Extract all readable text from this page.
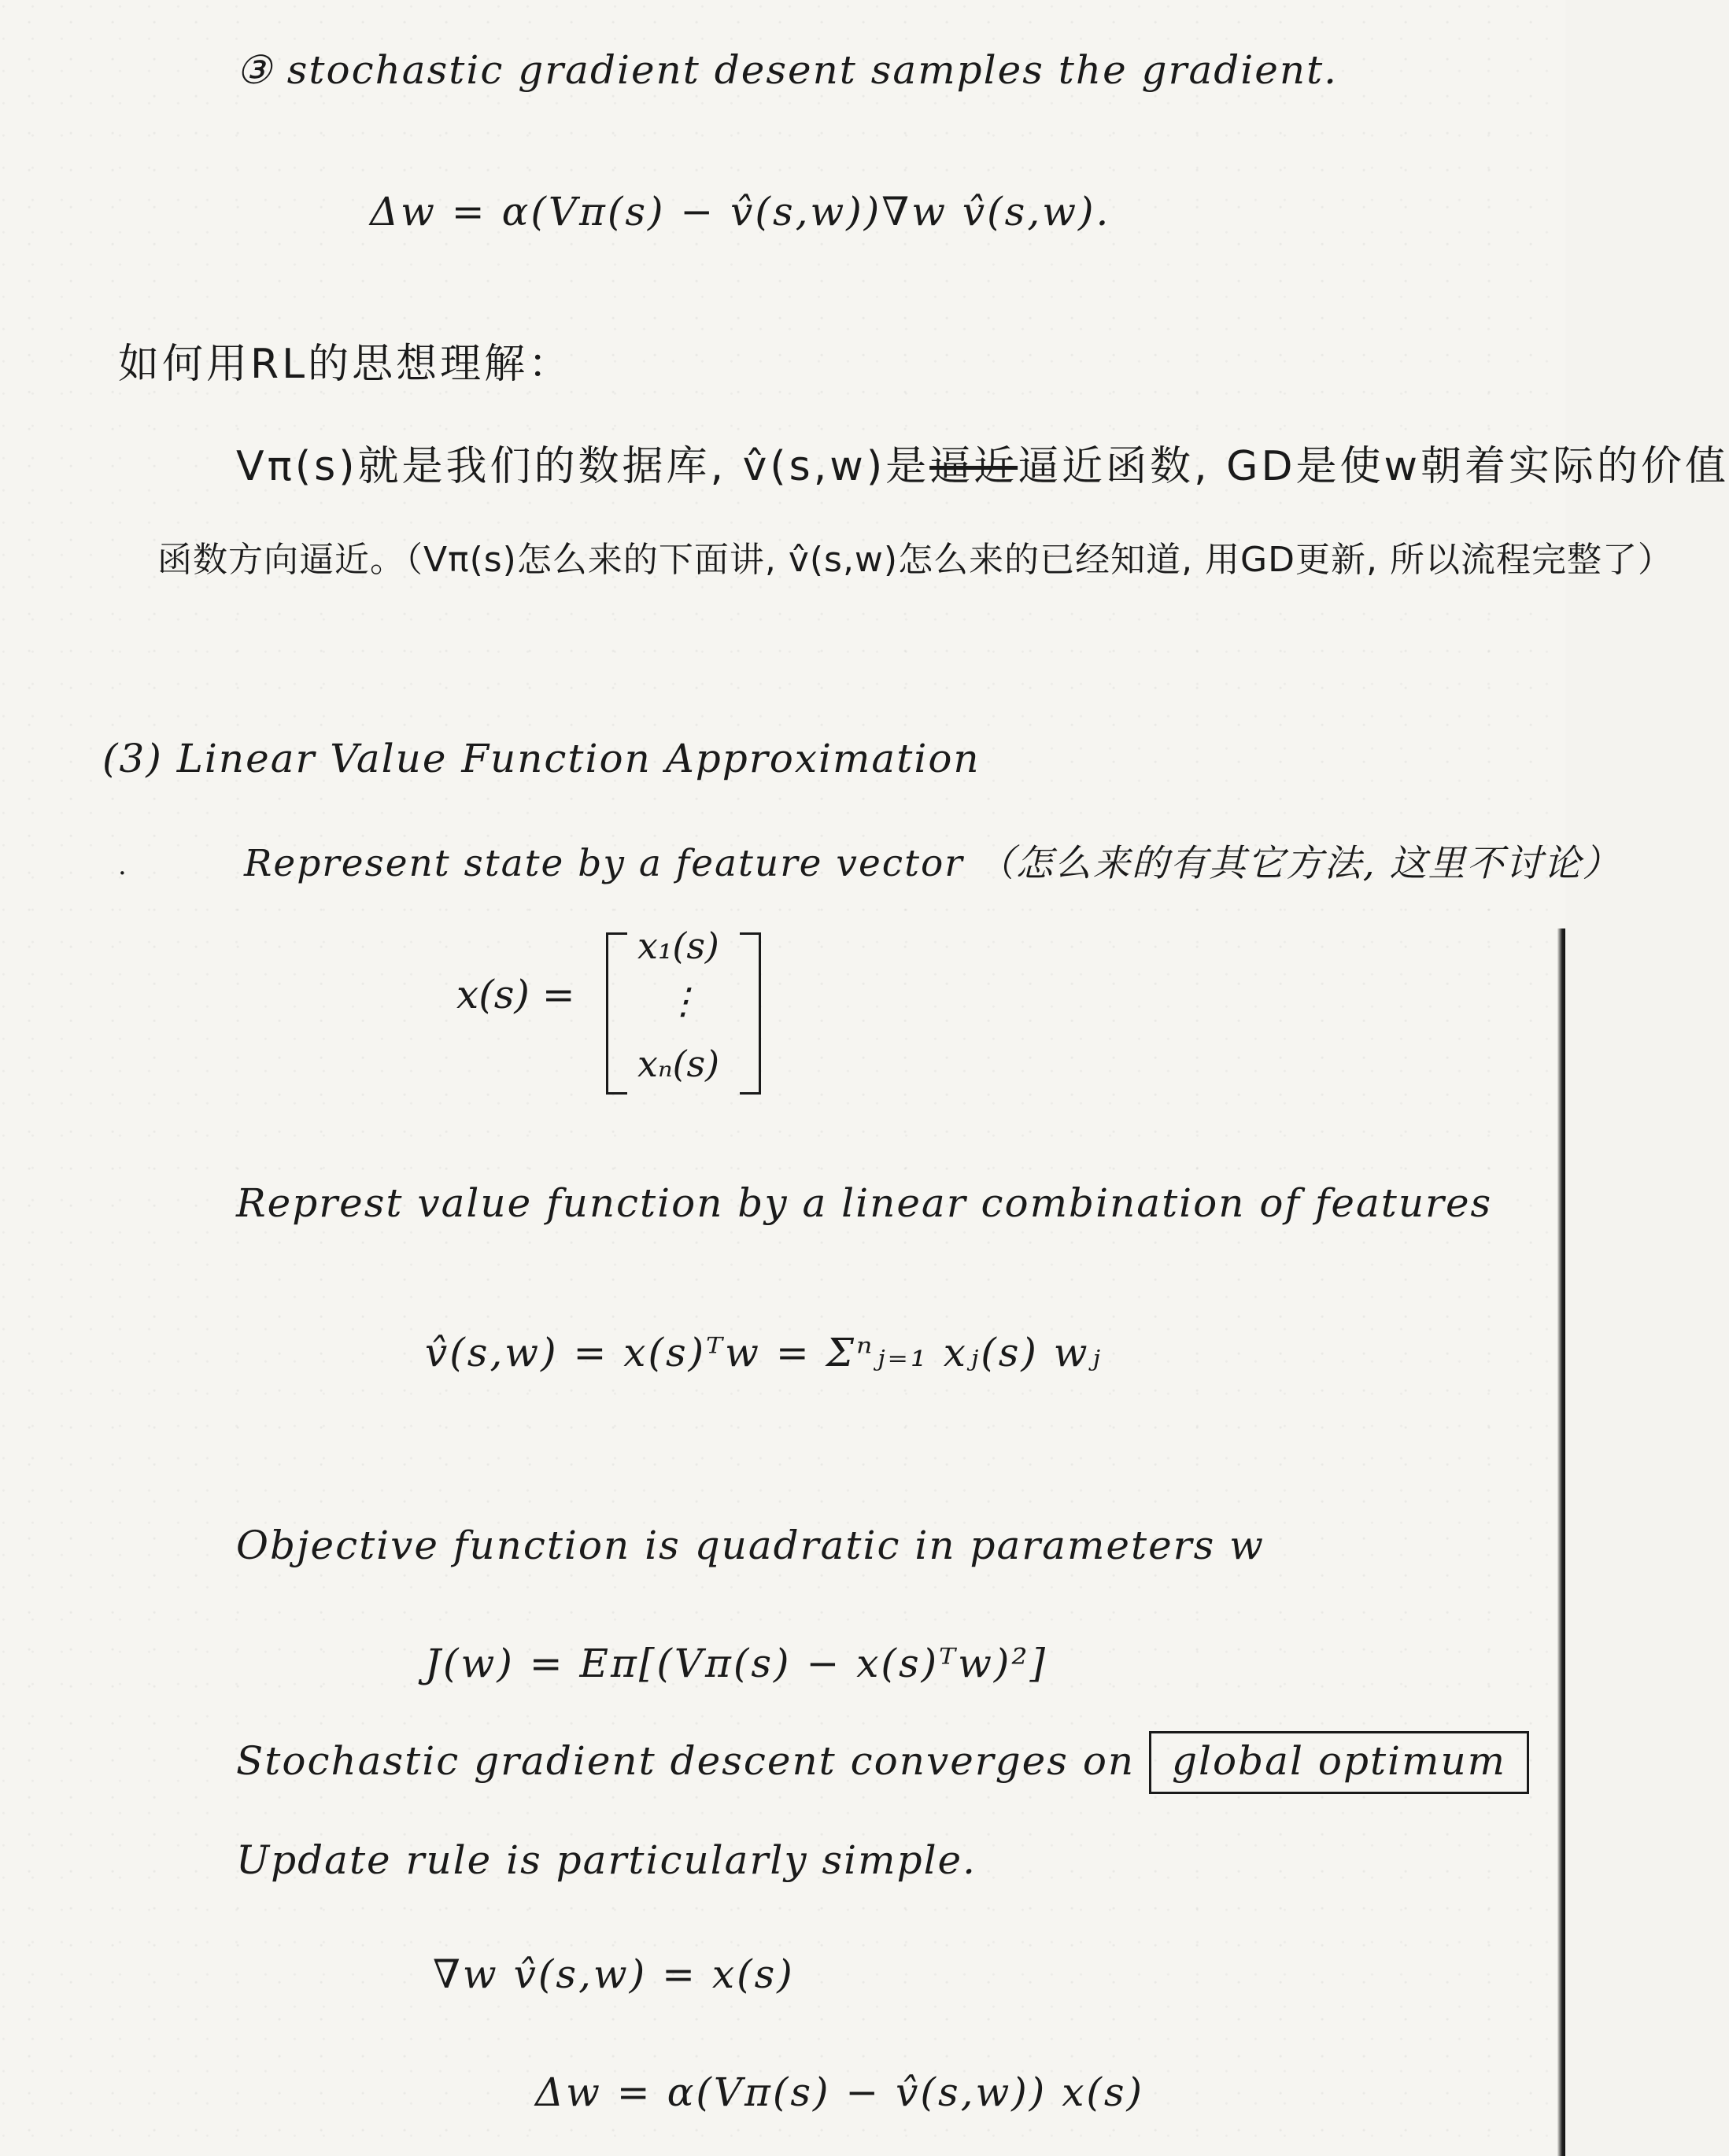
③ stochastic gradient desent samples the gradient.
Δw = α(Vπ(s) − v̂(s,w))∇w v̂(s,w).
如何用RL的思想理解：
Vπ(s)就是我们的数据库, v̂(s,w)是逼近逼近函数, GD是使w朝着实际的价值
函数方向逼近。（Vπ(s)怎么来的下面讲, v̂(s,w)怎么来的已经知道, 用GD更新, 所以流程完整了）
(3) Linear Value Function Approximation
·	Represent state by a feature vector （怎么来的有其它方法, 这里不讨论）
x(s) =
x₁(s)
⋮
xₙ(s)
Represt value function by a linear combination of features
v̂(s,w) = x(s)ᵀw = Σⁿⱼ₌₁ xⱼ(s) wⱼ
Objective function is quadratic in parameters w
J(w) = Eπ[(Vπ(s) − x(s)ᵀw)²]
Stochastic gradient descent converges on global optimum
Update rule is particularly simple.
∇w v̂(s,w) = x(s)
Δw = α(Vπ(s) − v̂(s,w)) x(s)
